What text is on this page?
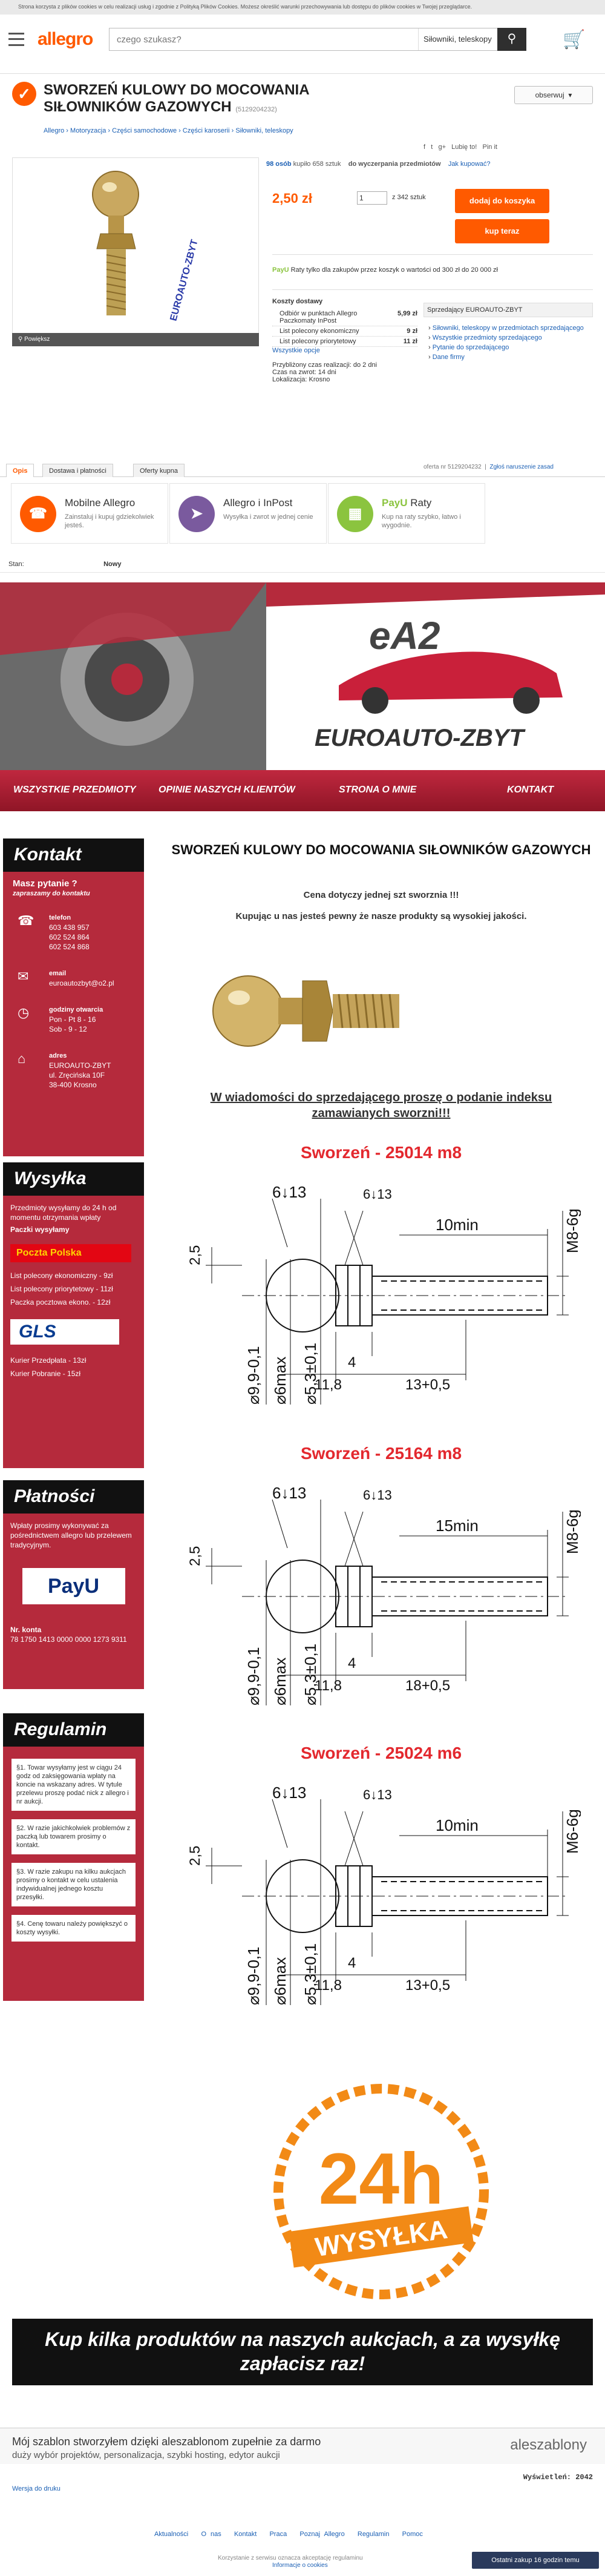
Strona korzysta z plików cookies w celu realizacji usług i zgodnie z Polityką Plików Cookies. Możesz określić warunki przechowywania lub dostępu do plików cookies w Twojej przeglądarce.
allegro
czego szukasz?	Siłowniki, teleskopy	⚲	🛒
✓ SWORZEŃ KULOWY DO MOCOWANIA SIŁOWNIKÓW GAZOWYCH (5129204232)
Allegro › Motoryzacja › Części samochodowe › Części karoserii › Siłowniki, teleskopy
obserwuj  ▾
f   t   g+   Lubię to!   Pin it
EUROAUTO-ZBYT
⚲ Powiększ
98 osób kupiło 658 sztuk do wyczerpania przedmiotów Jak kupować?
2,50 zł	1	z 342 sztuk	dodaj do koszyka
kup teraz
PayU Raty tylko dla zakupów przez koszyk o wartości od 300 zł do 20 000 zł
Koszty dostawy
Odbiór w punktach Allegro Paczkomaty InPost
5,99 zł
List polecony ekonomiczny	9 zł
List polecony priorytetowy	11 zł
Wszystkie opcje
Przybliżony czas realizacji: do 2 dni
Czas na zwrot: 14 dni
Lokalizacja: Krosno
Sprzedający EUROAUTO-ZBYT
› Siłowniki, teleskopy w przedmiotach sprzedającego
› Wszystkie przedmioty sprzedającego
› Pytanie do sprzedającego
› Dane firmy
Opis	Dostawa i płatności	Oferty kupna
oferta nr 5129204232  |  Zgłoś naruszenie zasad
☎
Mobilne Allegro
Zainstaluj i kupuj gdziekolwiek jesteś.
➤
Allegro i InPost
Wysyłka i zwrot w jednej cenie	▦
PayU Raty
Kup na raty szybko, łatwo i wygodnie.
Stan:	Nowy
eA2
EUROAUTO-ZBYT
WSZYSTKIE PRZEDMIOTY OPINIE NASZYCH KLIENTÓW	STRONA O MNIE	KONTAKT
Kontakt

Masz pytanie ?

zapraszamy do kontaktu

☎ telefon

603 438 957

602 524 864

602 524 868

✉	email

euroautozbyt@o2.pl

◷	godziny otwarcia

Pon - Pt 8 - 16

Sob - 9 - 12

⌂	adres

EUROAUTO-ZBYT

ul. Zręcińska 10F

38-400 Krosno

Wysyłka

Przedmioty wysyłamy do 24 h od momentu otrzymania wpłaty

Paczki wysyłamy

Poczta Polska

List polecony ekonomiczny - 9zł

List polecony priorytetowy - 11zł

Paczka pocztowa ekono. - 12zł

GLS

Kurier Przedpłata - 13zł

Kurier Pobranie - 15zł

Płatności

Wpłaty prosimy wykonywać za pośrednictwem allegro lub przelewem tradycyjnym.

PayU

Nr. konta

78 1750 1413 0000 0000 1273 9311

Regulamin
§1. Towar wysyłamy jest w ciągu 24 godz od zaksięgowania wpłaty na koncie na wskazany adres. W tytule przelewu proszę podać nick z allegro i nr aukcji.
§2. W razie jakichkolwiek problemów z paczką lub towarem prosimy o kontakt.
§3. W razie zakupu na kilku aukcjach prosimy o kontakt w celu ustalenia indywidualnej jednego kosztu przesyłki.
§4. Cenę towaru należy powiększyć o koszty wysyłki.
SWORZEŃ KULOWY DO MOCOWANIA SIŁOWNIKÓW GAZOWYCH
Cena dotyczy jednej szt sworznia !!!
Kupując u nas jesteś pewny że nasze produkty są wysokiej jakości.
W wiadomości do sprzedającego proszę o podanie indeksu zamawianych sworzni!!!
Sworzeń - 25014 m8
2,5
6↓13	6↓13
10min	M8-6g
⌀9,9-0,1 ⌀6max ⌀5,3±0,1 4
11,8	13+0,5
Sworzeń - 25164 m8
2,5
6↓13	6↓13
15min	M8-6g
⌀9,9-0,1 ⌀6max ⌀5,3±0,1 4
11,8	18+0,5
Sworzeń - 25024 m6
2,5
6↓13	6↓13
10min	M6-6g
⌀9,9-0,1 ⌀6max ⌀5,3±0,1 4
11,8	13+0,5
24h
WYSYŁKA
Kup kilka produktów na naszych aukcjach, a za wysyłkę zapłacisz raz!
Mój szablon stworzyłem dzięki aleszablonom zupełnie za darmo
duży wybór projektów, personalizacja, szybki hosting, edytor aukcji
aleszablony
Wyświetleń: 2042
Wersja do druku
Aktualności O nas Kontakt Praca Poznaj Allegro Regulamin Pomoc
Korzystanie z serwisu oznacza akceptację regulaminu
Informacje o cookies
Ostatni zakup 16 godzin temu
